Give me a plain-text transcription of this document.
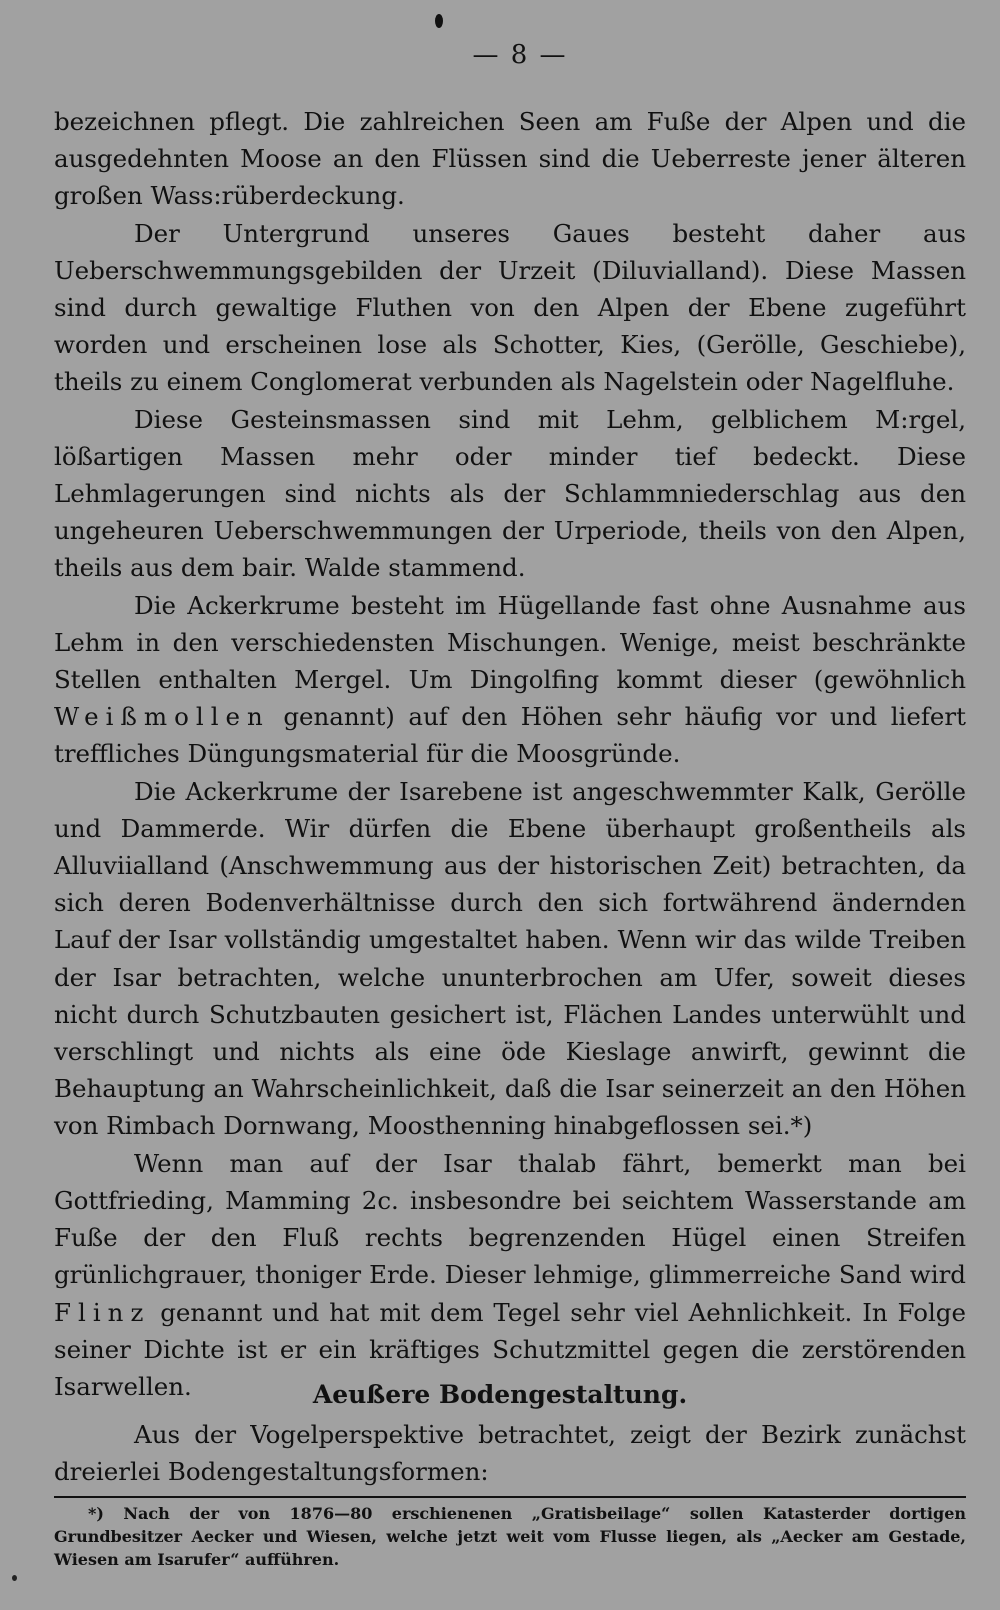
— 8 —

bezeichnen pflegt. Die zahlreichen Seen am Fuße der Alpen und die ausgedehnten Moose an den Flüssen sind die Ueberreste jener älteren großen Wass:rüberdeckung.

Der Untergrund unseres Gaues besteht daher aus Ueberschwemmungsgebilden der Urzeit (Diluvialland). Diese Massen sind durch gewaltige Fluthen von den Alpen der Ebene zugeführt worden und erscheinen lose als Schotter, Kies, (Gerölle, Geschiebe), theils zu einem Conglomerat verbunden als Nagelstein oder Nagelfluhe.

Diese Gesteinsmassen sind mit Lehm, gelblichem M:rgel, lößartigen Massen mehr oder minder tief bedeckt. Diese Lehmlagerungen sind nichts als der Schlammniederschlag aus den ungeheuren Ueberschwemmungen der Urperiode, theils von den Alpen, theils aus dem bair. Walde stammend.

Die Ackerkrume besteht im Hügellande fast ohne Ausnahme aus Lehm in den verschiedensten Mischungen. Wenige, meist beschränkte Stellen enthalten Mergel. Um Dingolfing kommt dieser (gewöhnlich Weißmollen genannt) auf den Höhen sehr häufig vor und liefert treffliches Düngungsmaterial für die Moosgründe.

Die Ackerkrume der Isarebene ist angeschwemmter Kalk, Gerölle und Dammerde. Wir dürfen die Ebene überhaupt großentheils als Alluviialland (Anschwemmung aus der historischen Zeit) betrachten, da sich deren Bodenverhältnisse durch den sich fortwährend ändernden Lauf der Isar vollständig umgestaltet haben. Wenn wir das wilde Treiben der Isar betrachten, welche ununterbrochen am Ufer, soweit dieses nicht durch Schutzbauten gesichert ist, Flächen Landes unterwühlt und verschlingt und nichts als eine öde Kieslage anwirft, gewinnt die Behauptung an Wahrscheinlichkeit, daß die Isar seinerzeit an den Höhen von Rimbach Dornwang, Moosthenning hinabgeflossen sei.*)

Wenn man auf der Isar thalab fährt, bemerkt man bei Gottfrieding, Mamming 2c. insbesondre bei seichtem Wasserstande am Fuße der den Fluß rechts begrenzenden Hügel einen Streifen grünlichgrauer, thoniger Erde. Dieser lehmige, glimmerreiche Sand wird Flinz genannt und hat mit dem Tegel sehr viel Aehnlichkeit. In Folge seiner Dichte ist er ein kräftiges Schutzmittel gegen die zerstörenden Isarwellen.	Aeußere Bodengestaltung.

Aus der Vogelperspektive betrachtet, zeigt der Bezirk zunächst dreierlei Bodengestaltungsformen:

*) Nach der von 1876—80 erschienenen „Gratisbeilage“ sollen Katasterder dortigen Grundbesitzer Aecker und Wiesen, welche jetzt weit vom Flusse liegen, als „Aecker am Gestade, Wiesen am Isarufer“ aufführen.
